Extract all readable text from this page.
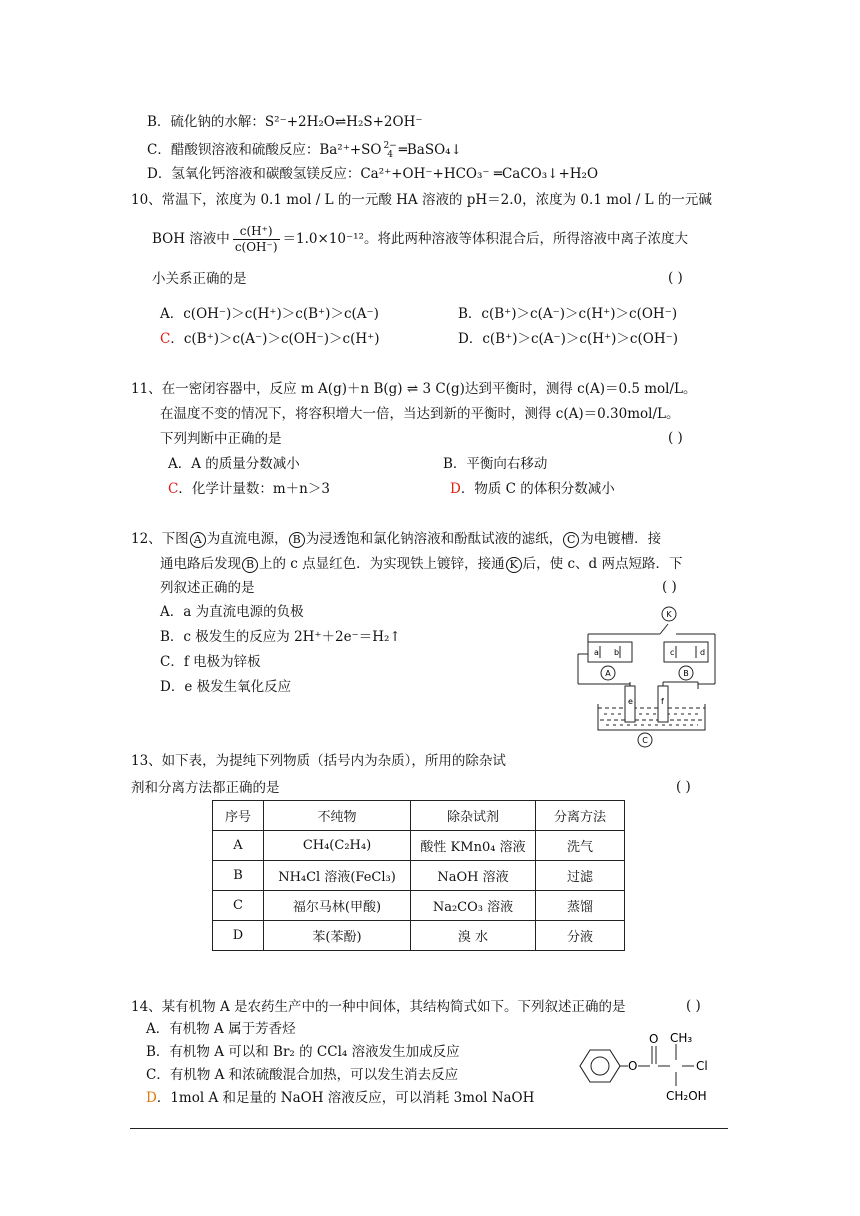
B．硫化钠的水解：S²⁻+2H₂O⇌H₂S+2OH⁻
C．醋酸钡溶液和硫酸反应：Ba²⁺+SO 2−
4 ═BaSO₄↓
D．氢氧化钙溶液和碳酸氢镁反应：Ca²⁺+OH⁻+HCO₃⁻ ═CaCO₃↓+H₂O
10、常温下，浓度为 0.1 mol / L 的一元酸 HA 溶液的 pH＝2.0，浓度为 0.1 mol / L 的一元碱
BOH 溶液中 $\frac{c(H^+)}{c(OH^-)} =1.0\times 10^{-12}$。将此两种溶液等体积混合后，所得溶液中离子浓度大
小关系正确的是	( )
A．c(OH⁻)＞c(H⁺)＞c(B⁺)＞c(A⁻)	B．c(B⁺)＞c(A⁻)＞c(H⁺)＞c(OH⁻)
C．c(B⁺)＞c(A⁻)＞c(OH⁻)＞c(H⁺)	D．c(B⁺)＞c(A⁻)＞c(H⁺)＞c(OH⁻)
11、在一密闭容器中，反应 m A(g)＋n B(g) ⇌ 3 C(g)达到平衡时，测得 c(A)＝0.5 mol/L。
在温度不变的情况下，将容积增大一倍，当达到新的平衡时，测得 c(A)＝0.30mol/L。
下列判断中正确的是	( )
A．A 的质量分数减小	B．平衡向右移动
C．化学计量数：m＋n＞3	D．物质 C 的体积分数减小
12、下图 A 为直流电源， B 为浸透饱和氯化钠溶液和酚酞试液的滤纸， C 为电镀槽．接
通电路后发现 B 上的 c 点显红色．为实现铁上镀锌，接通 K 后，使 c、d 两点短路．下
列叙述正确的是	( )
A．a 为直流电源的负极
B．c 极发生的反应为 2H⁺＋2e⁻＝H₂↑
C．f 电极为锌板
D．e 极发生氧化反应
K
a b
A
c	d
B
e	f
C
13、如下表，为提纯下列物质（括号内为杂质），所用的除杂试
剂和分离方法都正确的是	( )
序号	不纯物	除杂试剂	分离方法
A	CH₄(C₂H₄)	酸性 KMn0₄ 溶液	洗气
B	NH₄Cl 溶液(FeCl₃)	NaOH 溶液	过滤
C	福尔马林(甲酸)	Na₂CO₃ 溶液	蒸馏
D	苯(苯酚)	溴 水	分液
14、某有机物 A 是农药生产中的一种中间体，其结构简式如下。下列叙述正确的是	( )
A．有机物 A 属于芳香烃
B．有机物 A 可以和 Br₂ 的 CCl₄ 溶液发生加成反应
C．有机物 A 和浓硫酸混合加热，可以发生消去反应
D．1mol A 和足量的 NaOH 溶液反应，可以消耗 3mol NaOH
O
O CH₃
Cl
CH₂OH
